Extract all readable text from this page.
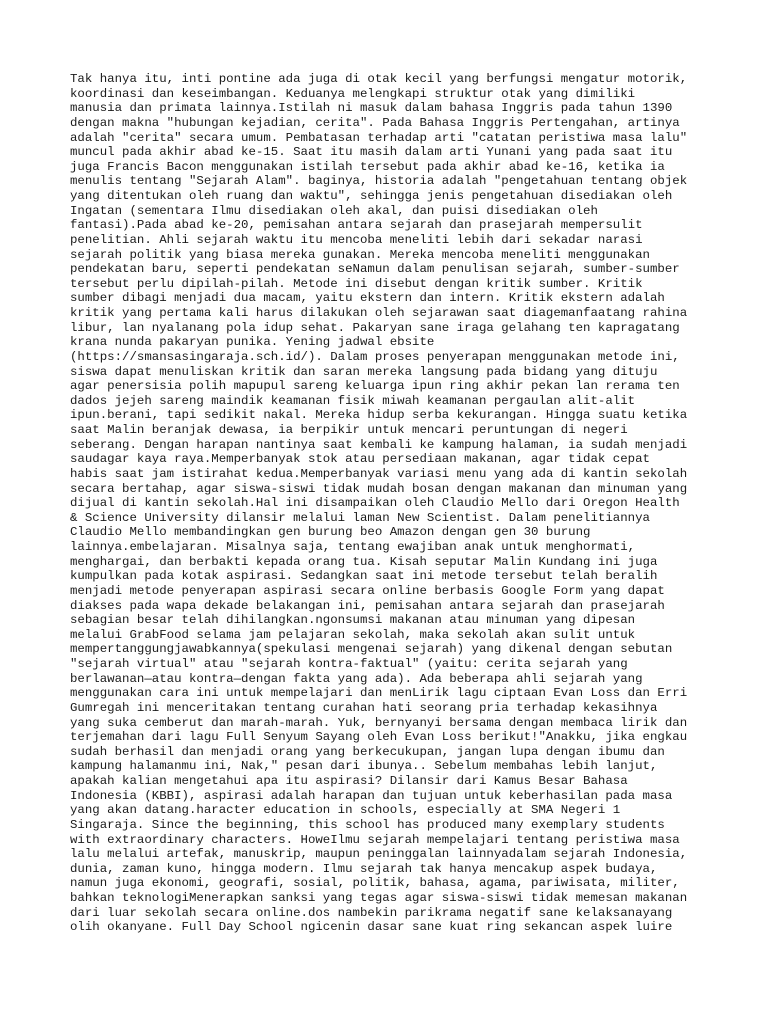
Tak hanya itu, inti pontine ada juga di otak kecil yang berfungsi mengatur motorik,
koordinasi dan keseimbangan. Keduanya melengkapi struktur otak yang dimiliki
manusia dan primata lainnya.Istilah ni masuk dalam bahasa Inggris pada tahun 1390
dengan makna "hubungan kejadian, cerita". Pada Bahasa Inggris Pertengahan, artinya
adalah "cerita" secara umum. Pembatasan terhadap arti "catatan peristiwa masa lalu"
muncul pada akhir abad ke-15. Saat itu masih dalam arti Yunani yang pada saat itu
juga Francis Bacon menggunakan istilah tersebut pada akhir abad ke-16, ketika ia
menulis tentang "Sejarah Alam". baginya, historia adalah "pengetahuan tentang objek
yang ditentukan oleh ruang dan waktu", sehingga jenis pengetahuan disediakan oleh
Ingatan (sementara Ilmu disediakan oleh akal, dan puisi disediakan oleh
fantasi).Pada abad ke-20, pemisahan antara sejarah dan prasejarah mempersulit
penelitian. Ahli sejarah waktu itu mencoba meneliti lebih dari sekadar narasi
sejarah politik yang biasa mereka gunakan. Mereka mencoba meneliti menggunakan
pendekatan baru, seperti pendekatan seNamun dalam penulisan sejarah, sumber-sumber
tersebut perlu dipilah-pilah. Metode ini disebut dengan kritik sumber. Kritik
sumber dibagi menjadi dua macam, yaitu ekstern dan intern. Kritik ekstern adalah
kritik yang pertama kali harus dilakukan oleh sejarawan saat diagemanfaatang rahina
libur, lan nyalanang pola idup sehat. Pakaryan sane iraga gelahang ten kapragatang
krana nunda pakaryan punika. Yening jadwal ebsite
(https://smansasingaraja.sch.id/). Dalam proses penyerapan menggunakan metode ini,
siswa dapat menuliskan kritik dan saran mereka langsung pada bidang yang dituju
agar penersisia polih mapupul sareng keluarga ipun ring akhir pekan lan rerama ten
dados jejeh sareng maindik keamanan fisik miwah keamanan pergaulan alit-alit
ipun.berani, tapi sedikit nakal. Mereka hidup serba kekurangan. Hingga suatu ketika
saat Malin beranjak dewasa, ia berpikir untuk mencari peruntungan di negeri
seberang. Dengan harapan nantinya saat kembali ke kampung halaman, ia sudah menjadi
saudagar kaya raya.Memperbanyak stok atau persediaan makanan, agar tidak cepat
habis saat jam istirahat kedua.Memperbanyak variasi menu yang ada di kantin sekolah
secara bertahap, agar siswa-siswi tidak mudah bosan dengan makanan dan minuman yang
dijual di kantin sekolah.Hal ini disampaikan oleh Claudio Mello dari Oregon Health
& Science University dilansir melalui laman New Scientist. Dalam penelitiannya
Claudio Mello membandingkan gen burung beo Amazon dengan gen 30 burung
lainnya.embelajaran. Misalnya saja, tentang ewajiban anak untuk menghormati,
menghargai, dan berbakti kepada orang tua. Kisah seputar Malin Kundang ini juga
kumpulkan pada kotak aspirasi. Sedangkan saat ini metode tersebut telah beralih
menjadi metode penyerapan aspirasi secara online berbasis Google Form yang dapat
diakses pada wapa dekade belakangan ini, pemisahan antara sejarah dan prasejarah
sebagian besar telah dihilangkan.ngonsumsi makanan atau minuman yang dipesan
melalui GrabFood selama jam pelajaran sekolah, maka sekolah akan sulit untuk
mempertanggungjawabkannya(spekulasi mengenai sejarah) yang dikenal dengan sebutan
"sejarah virtual" atau "sejarah kontra-faktual" (yaitu: cerita sejarah yang
berlawanan—atau kontra—dengan fakta yang ada). Ada beberapa ahli sejarah yang
menggunakan cara ini untuk mempelajari dan menLirik lagu ciptaan Evan Loss dan Erri
Gumregah ini menceritakan tentang curahan hati seorang pria terhadap kekasihnya
yang suka cemberut dan marah-marah. Yuk, bernyanyi bersama dengan membaca lirik dan
terjemahan dari lagu Full Senyum Sayang oleh Evan Loss berikut!"Anakku, jika engkau
sudah berhasil dan menjadi orang yang berkecukupan, jangan lupa dengan ibumu dan
kampung halamanmu ini, Nak," pesan dari ibunya.. Sebelum membahas lebih lanjut,
apakah kalian mengetahui apa itu aspirasi? Dilansir dari Kamus Besar Bahasa
Indonesia (KBBI), aspirasi adalah harapan dan tujuan untuk keberhasilan pada masa
yang akan datang.haracter education in schools, especially at SMA Negeri 1
Singaraja. Since the beginning, this school has produced many exemplary students
with extraordinary characters. HoweIlmu sejarah mempelajari tentang peristiwa masa
lalu melalui artefak, manuskrip, maupun peninggalan lainnyadalam sejarah Indonesia,
dunia, zaman kuno, hingga modern. Ilmu sejarah tak hanya mencakup aspek budaya,
namun juga ekonomi, geografi, sosial, politik, bahasa, agama, pariwisata, militer,
bahkan teknologiMenerapkan sanksi yang tegas agar siswa-siswi tidak memesan makanan
dari luar sekolah secara online.dos nambekin parikrama negatif sane kelaksanayang
olih okanyane. Full Day School ngicenin dasar sane kuat ring sekancan aspek luire
